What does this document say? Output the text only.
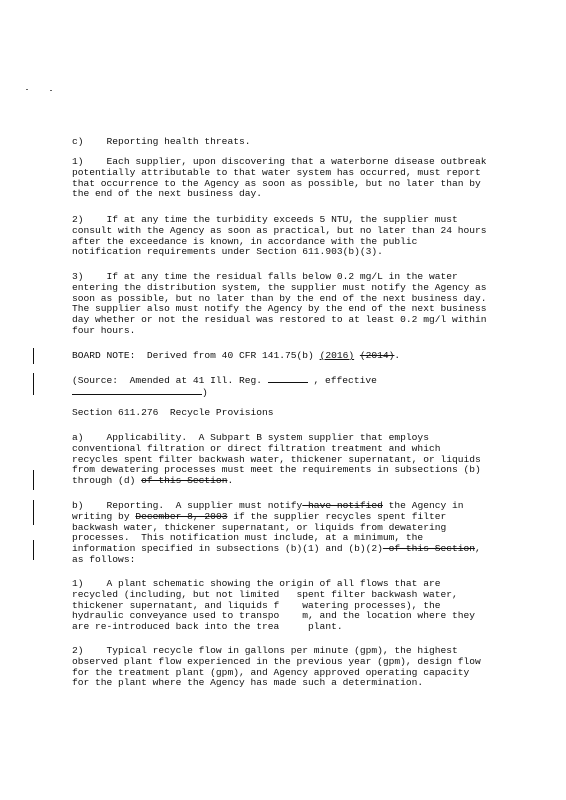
c)    Reporting health threats.

1)    Each supplier, upon discovering that a waterborne disease outbreak
potentially attributable to that water system has occurred, must report
that occurrence to the Agency as soon as possible, but no later than by
the end of the next business day.

2)    If at any time the turbidity exceeds 5 NTU, the supplier must
consult with the Agency as soon as practical, but no later than 24 hours
after the exceedance is known, in accordance with the public
notification requirements under Section 611.903(b)(3).

3)    If at any time the residual falls below 0.2 mg/L in the water
entering the distribution system, the supplier must notify the Agency as
soon as possible, but no later than by the end of the next business day.
The supplier also must notify the Agency by the end of the next business
day whether or not the residual was restored to at least 0.2 mg/l within
four hours.

BOARD NOTE:  Derived from 40 CFR 141.75(b) (2016) (2014).

(Source:  Amended at 41 Ill. Reg.	, effective
)

Section 611.276  Recycle Provisions

a)    Applicability.  A Subpart B system supplier that employs
conventional filtration or direct filtration treatment and which
recycles spent filter backwash water, thickener supernatant, or liquids
from dewatering processes must meet the requirements in subsections (b)
through (d) of this Section.

b)    Reporting.  A supplier must notify have notified the Agency in
writing by December 8, 2003 if the supplier recycles spent filter
backwash water, thickener supernatant, or liquids from dewatering
processes.  This notification must include, at a minimum, the
information specified in subsections (b)(1) and (b)(2) of this Section,
as follows:

1)    A plant schematic showing the origin of all flows that are
recycled (including, but not limited   spent filter backwash water,
thickener supernatant, and liquids f    watering processes), the
hydraulic conveyance used to transpo    m, and the location where they
are re-introduced back into the trea     plant.

2)    Typical recycle flow in gallons per minute (gpm), the highest
observed plant flow experienced in the previous year (gpm), design flow
for the treatment plant (gpm), and Agency approved operating capacity
for the plant where the Agency has made such a determination.
